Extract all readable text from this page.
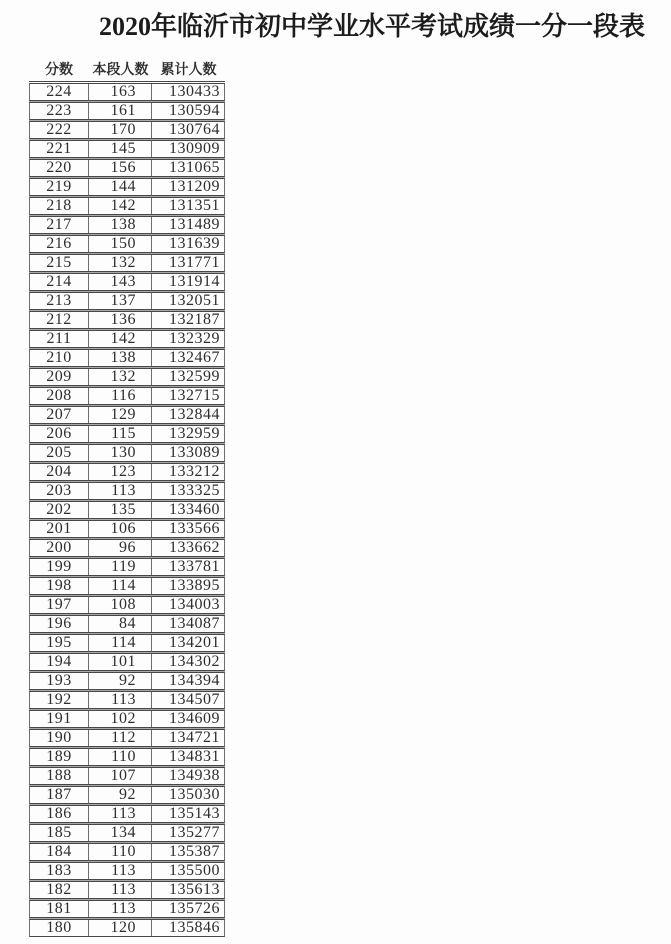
2020年临沂市初中学业水平考试成绩一分一段表
分数	本段人数 累计人数
224	163	130433
223	161	130594
222	170	130764
221	145	130909
220	156	131065
219	144	131209
218	142	131351
217	138	131489
216	150	131639
215	132	131771
214	143	131914
213	137	132051
212	136	132187
211	142	132329
210	138	132467
209	132	132599
208	116	132715
207	129	132844
206	115	132959
205	130	133089
204	123	133212
203	113	133325
202	135	133460
201	106	133566
200	96	133662
199	119	133781
198	114	133895
197	108	134003
196	84	134087
195	114	134201
194	101	134302
193	92	134394
192	113	134507
191	102	134609
190	112	134721
189	110	134831
188	107	134938
187	92	135030
186	113	135143
185	134	135277
184	110	135387
183	113	135500
182	113	135613
181	113	135726
180	120	135846
